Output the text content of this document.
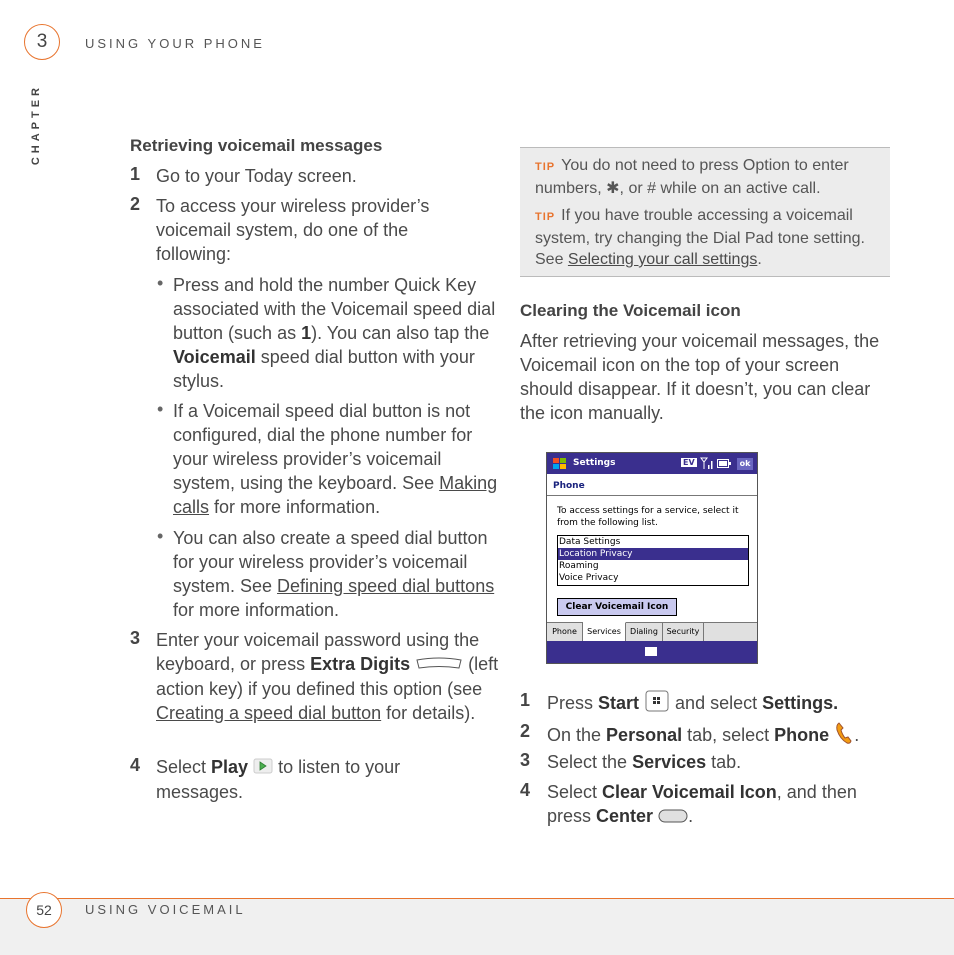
3	USING YOUR PHONE
CHAPTER	Retrieving voicemail messages
1 Go to your Today screen.
2 To access your wireless provider’s voicemail system, do one of the following:
• Press and hold the number Quick Key associated with the Voicemail speed dial button (such as 1). You can also tap the Voicemail speed dial button with your stylus.
• If a Voicemail speed dial button is not configured, dial the phone number for your wireless provider’s voicemail system, using the keyboard. See Making calls for more information.
• You can also create a speed dial button for your wireless provider’s voicemail system. See Defining speed dial buttons for more information.
3 Enter your voicemail password using the keyboard, or press Extra Digits	(left action key) if you defined this option (see Creating a speed dial button for details).
4 Select Play  to listen to your messages.
TIP You do not need to press Option to enter numbers, ✱, or # while on an active call.
TIP If you have trouble accessing a voicemail system, try changing the Dial Pad tone setting. See Selecting your call settings.
Clearing the Voicemail icon
After retrieving your voicemail messages, the Voicemail icon on the top of your screen should disappear. If it doesn’t, you can clear the icon manually.
Settings	EV	ok
Phone
To access settings for a service, select it from the following list.
Data Settings
Location Privacy
Roaming
Voice Privacy
Clear Voicemail Icon
Phone	Services	Dialing	Security
1 Press Start  and select Settings.
2 On the Personal tab, select Phone .
3 Select the Services tab.
4 Select Clear Voicemail Icon, and then press Center .
52	USING VOICEMAIL
